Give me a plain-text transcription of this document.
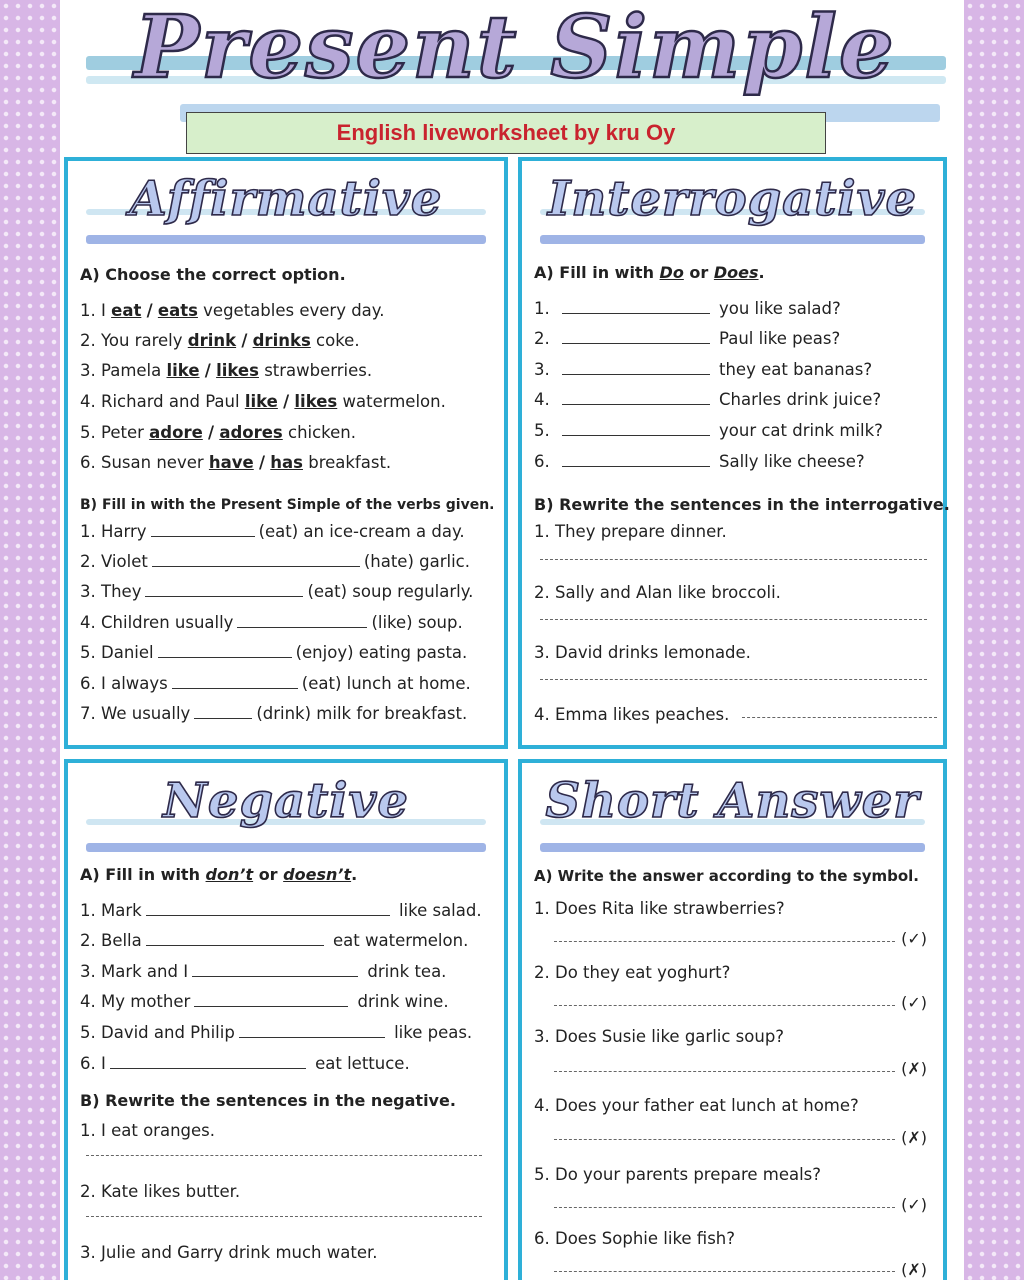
Present Simple
English liveworksheet by kru Oy
Affirmative
A) Choose the correct option.
1. I eat / eats vegetables every day.
2. You rarely drink / drinks coke.
3. Pamela like / likes strawberries.
4. Richard and Paul like / likes watermelon.
5. Peter adore / adores chicken.
6. Susan never have / has breakfast.
B) Fill in with the Present Simple of the verbs given.
1. Harry	(eat) an ice-cream a day.
2. Violet	(hate) garlic.
3. They	(eat) soup regularly.
4. Children usually	(like) soup.
5. Daniel	(enjoy) eating pasta.
6. I always	(eat) lunch at home.
7. We usually	(drink) milk for breakfast.
Interrogative
A) Fill in with Do or Does.
1.	you like salad?
2.	Paul like peas?
3.	they eat bananas?
4.	Charles drink juice?
5.	your cat drink milk?
6.	Sally like cheese?
B) Rewrite the sentences in the interrogative.
1. They prepare dinner.
2. Sally and Alan like broccoli.
3. David drinks lemonade.
4. Emma likes peaches.
Negative
A) Fill in with don’t or doesn’t.
1. Mark	like salad.
2. Bella	eat watermelon.
3. Mark and I	drink tea.
4. My mother	drink wine.
5. David and Philip	like peas.
6. I	eat lettuce.
B) Rewrite the sentences in the negative.
1. I eat oranges.
2. Kate likes butter.
3. Julie and Garry drink much water.
Short Answer
A) Write the answer according to the symbol.
1. Does Rita like strawberries?
(✓)
2. Do they eat yoghurt?
(✓)
3. Does Susie like garlic soup?
(✗)
4. Does your father eat lunch at home?
(✗)
5. Do your parents prepare meals?
(✓)
6. Does Sophie like fish?
(✗)
